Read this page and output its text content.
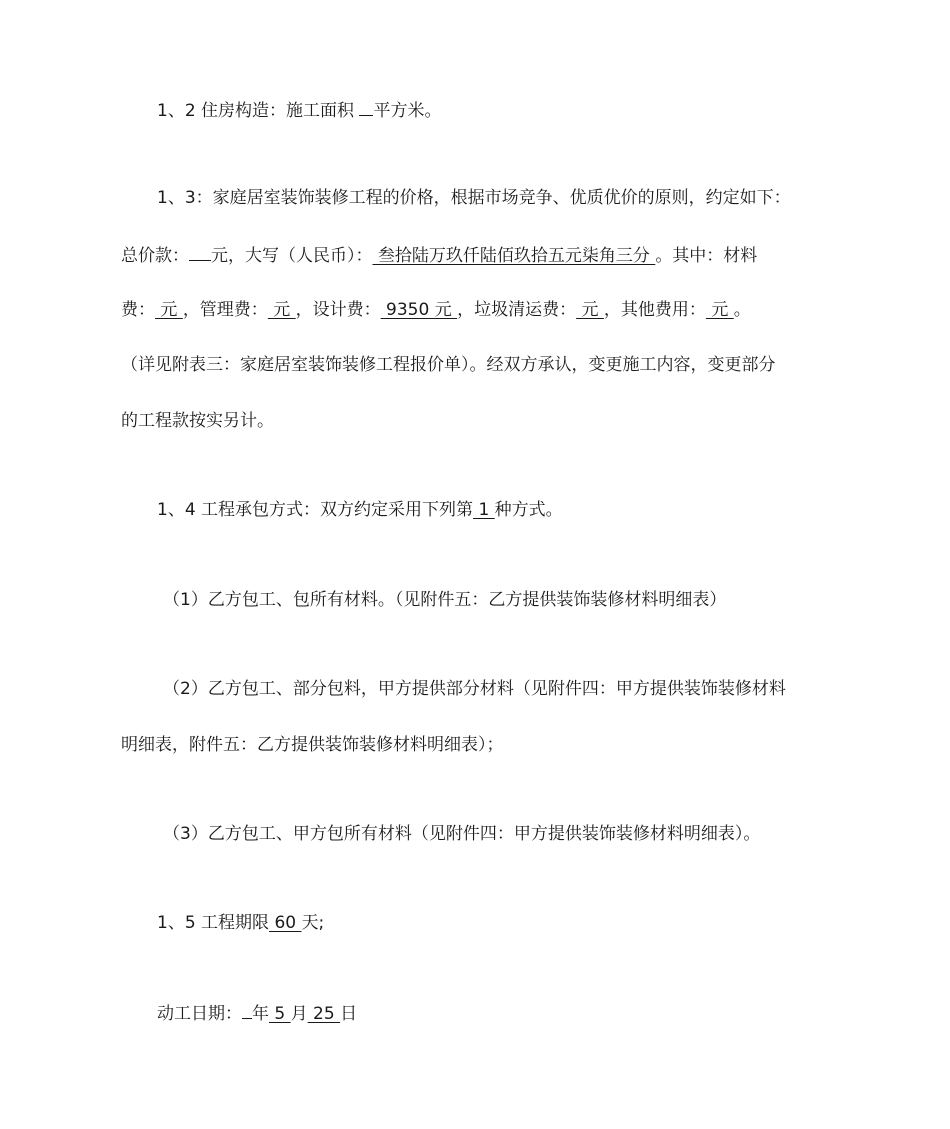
1、2 住房构造：施工面积 平方米。
1、3：家庭居室装饰装修工程的价格，根据市场竞争、优质优价的原则，约定如下：
总价款： 元，大写（人民币）： 叁拾陆万玖仟陆佰玖拾五元柒角三分 。其中：材料
费： 元 ，管理费： 元 ，设计费： 9350 元 ，垃圾清运费： 元 ，其他费用： 元 。
（详见附表三：家庭居室装饰装修工程报价单）。经双方承认，变更施工内容，变更部分
的工程款按实另计。
1、4 工程承包方式：双方约定采用下列第 1 种方式。
（1）乙方包工、包所有材料。（见附件五：乙方提供装饰装修材料明细表）
（2）乙方包工、部分包料，甲方提供部分材料（见附件四：甲方提供装饰装修材料
明细表，附件五：乙方提供装饰装修材料明细表）；
（3）乙方包工、甲方包所有材料（见附件四：甲方提供装饰装修材料明细表）。
1、5 工程期限 60 天;
动工日期： 年 5 月 25 日
